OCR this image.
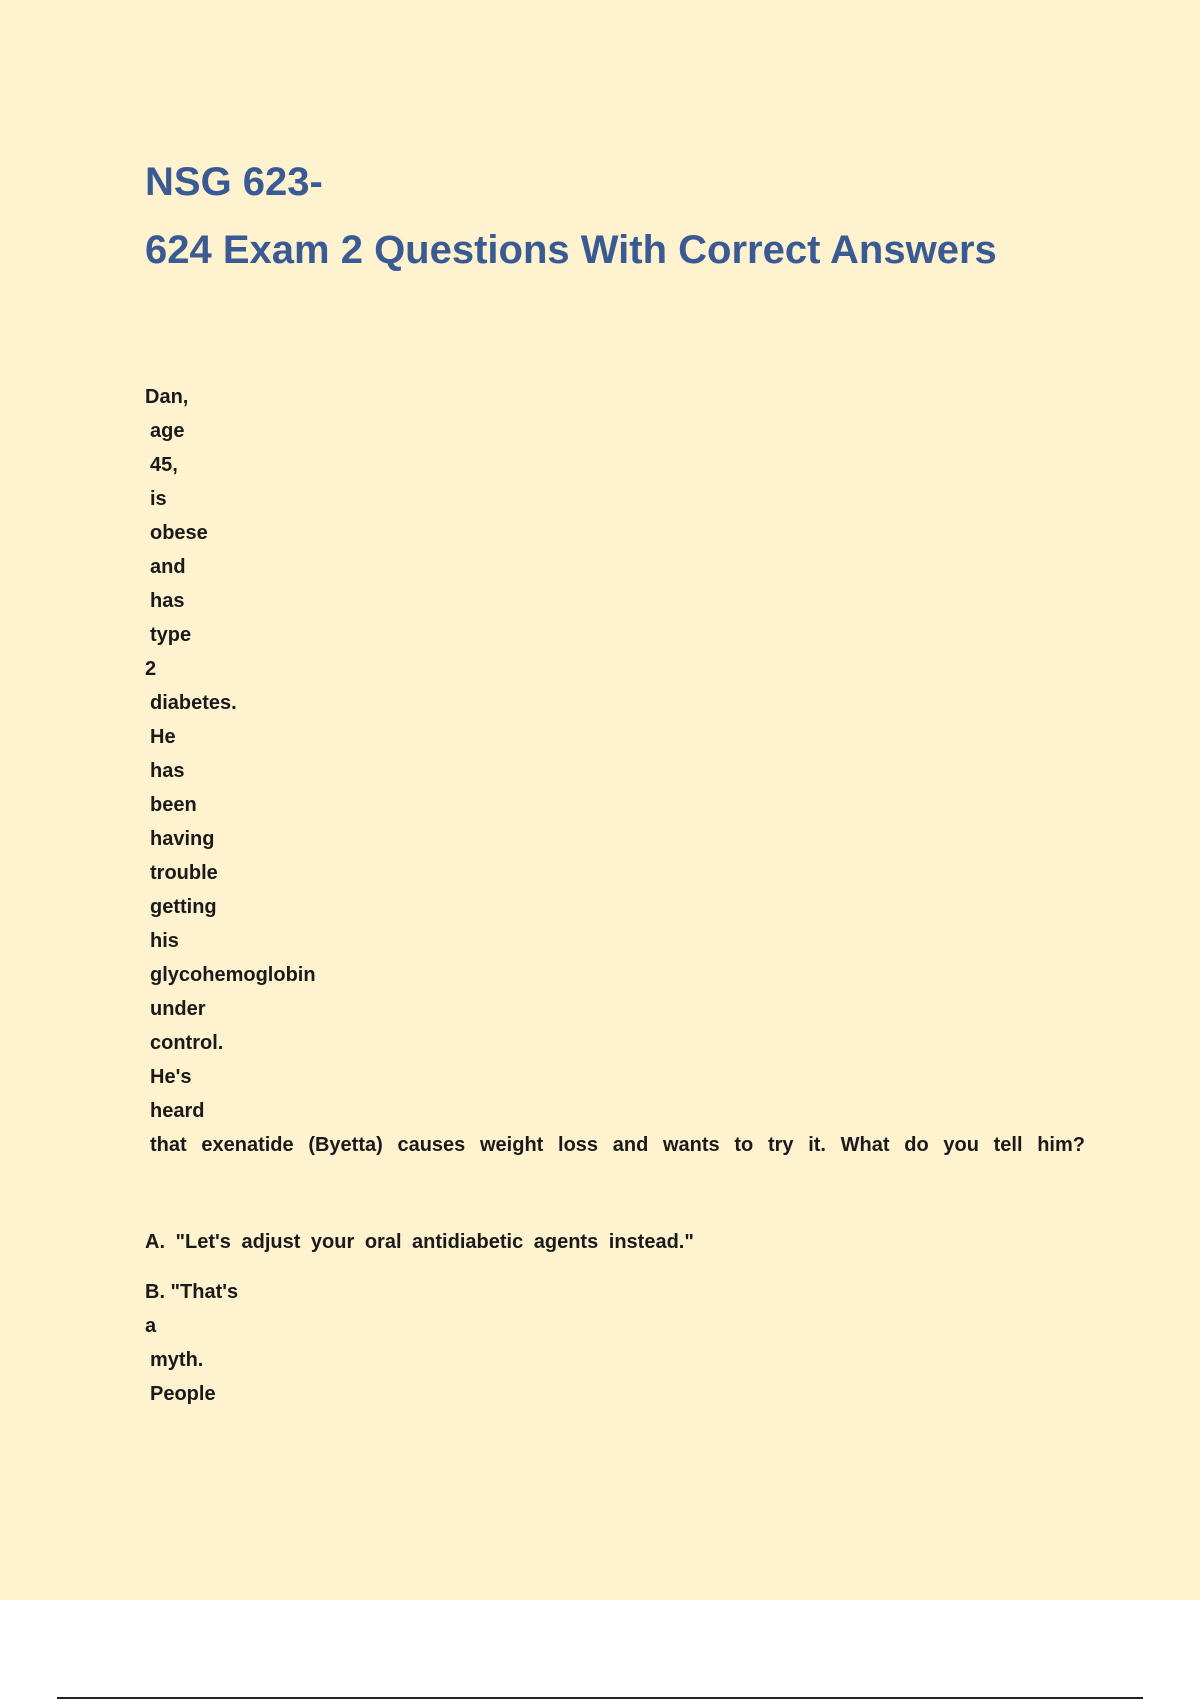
NSG 623-
624 Exam 2 Questions With Correct Answers
Dan,
age
45,
is
obese
and
has
type
2
diabetes.
He
has
been
having
trouble
getting
his
glycohemoglobin
under
control.
He's
heard
that exenatide (Byetta) causes weight loss and wants to try it. What do you tell him?
A. "Let's adjust your oral antidiabetic agents instead."
B. "That's
a
myth.
People
